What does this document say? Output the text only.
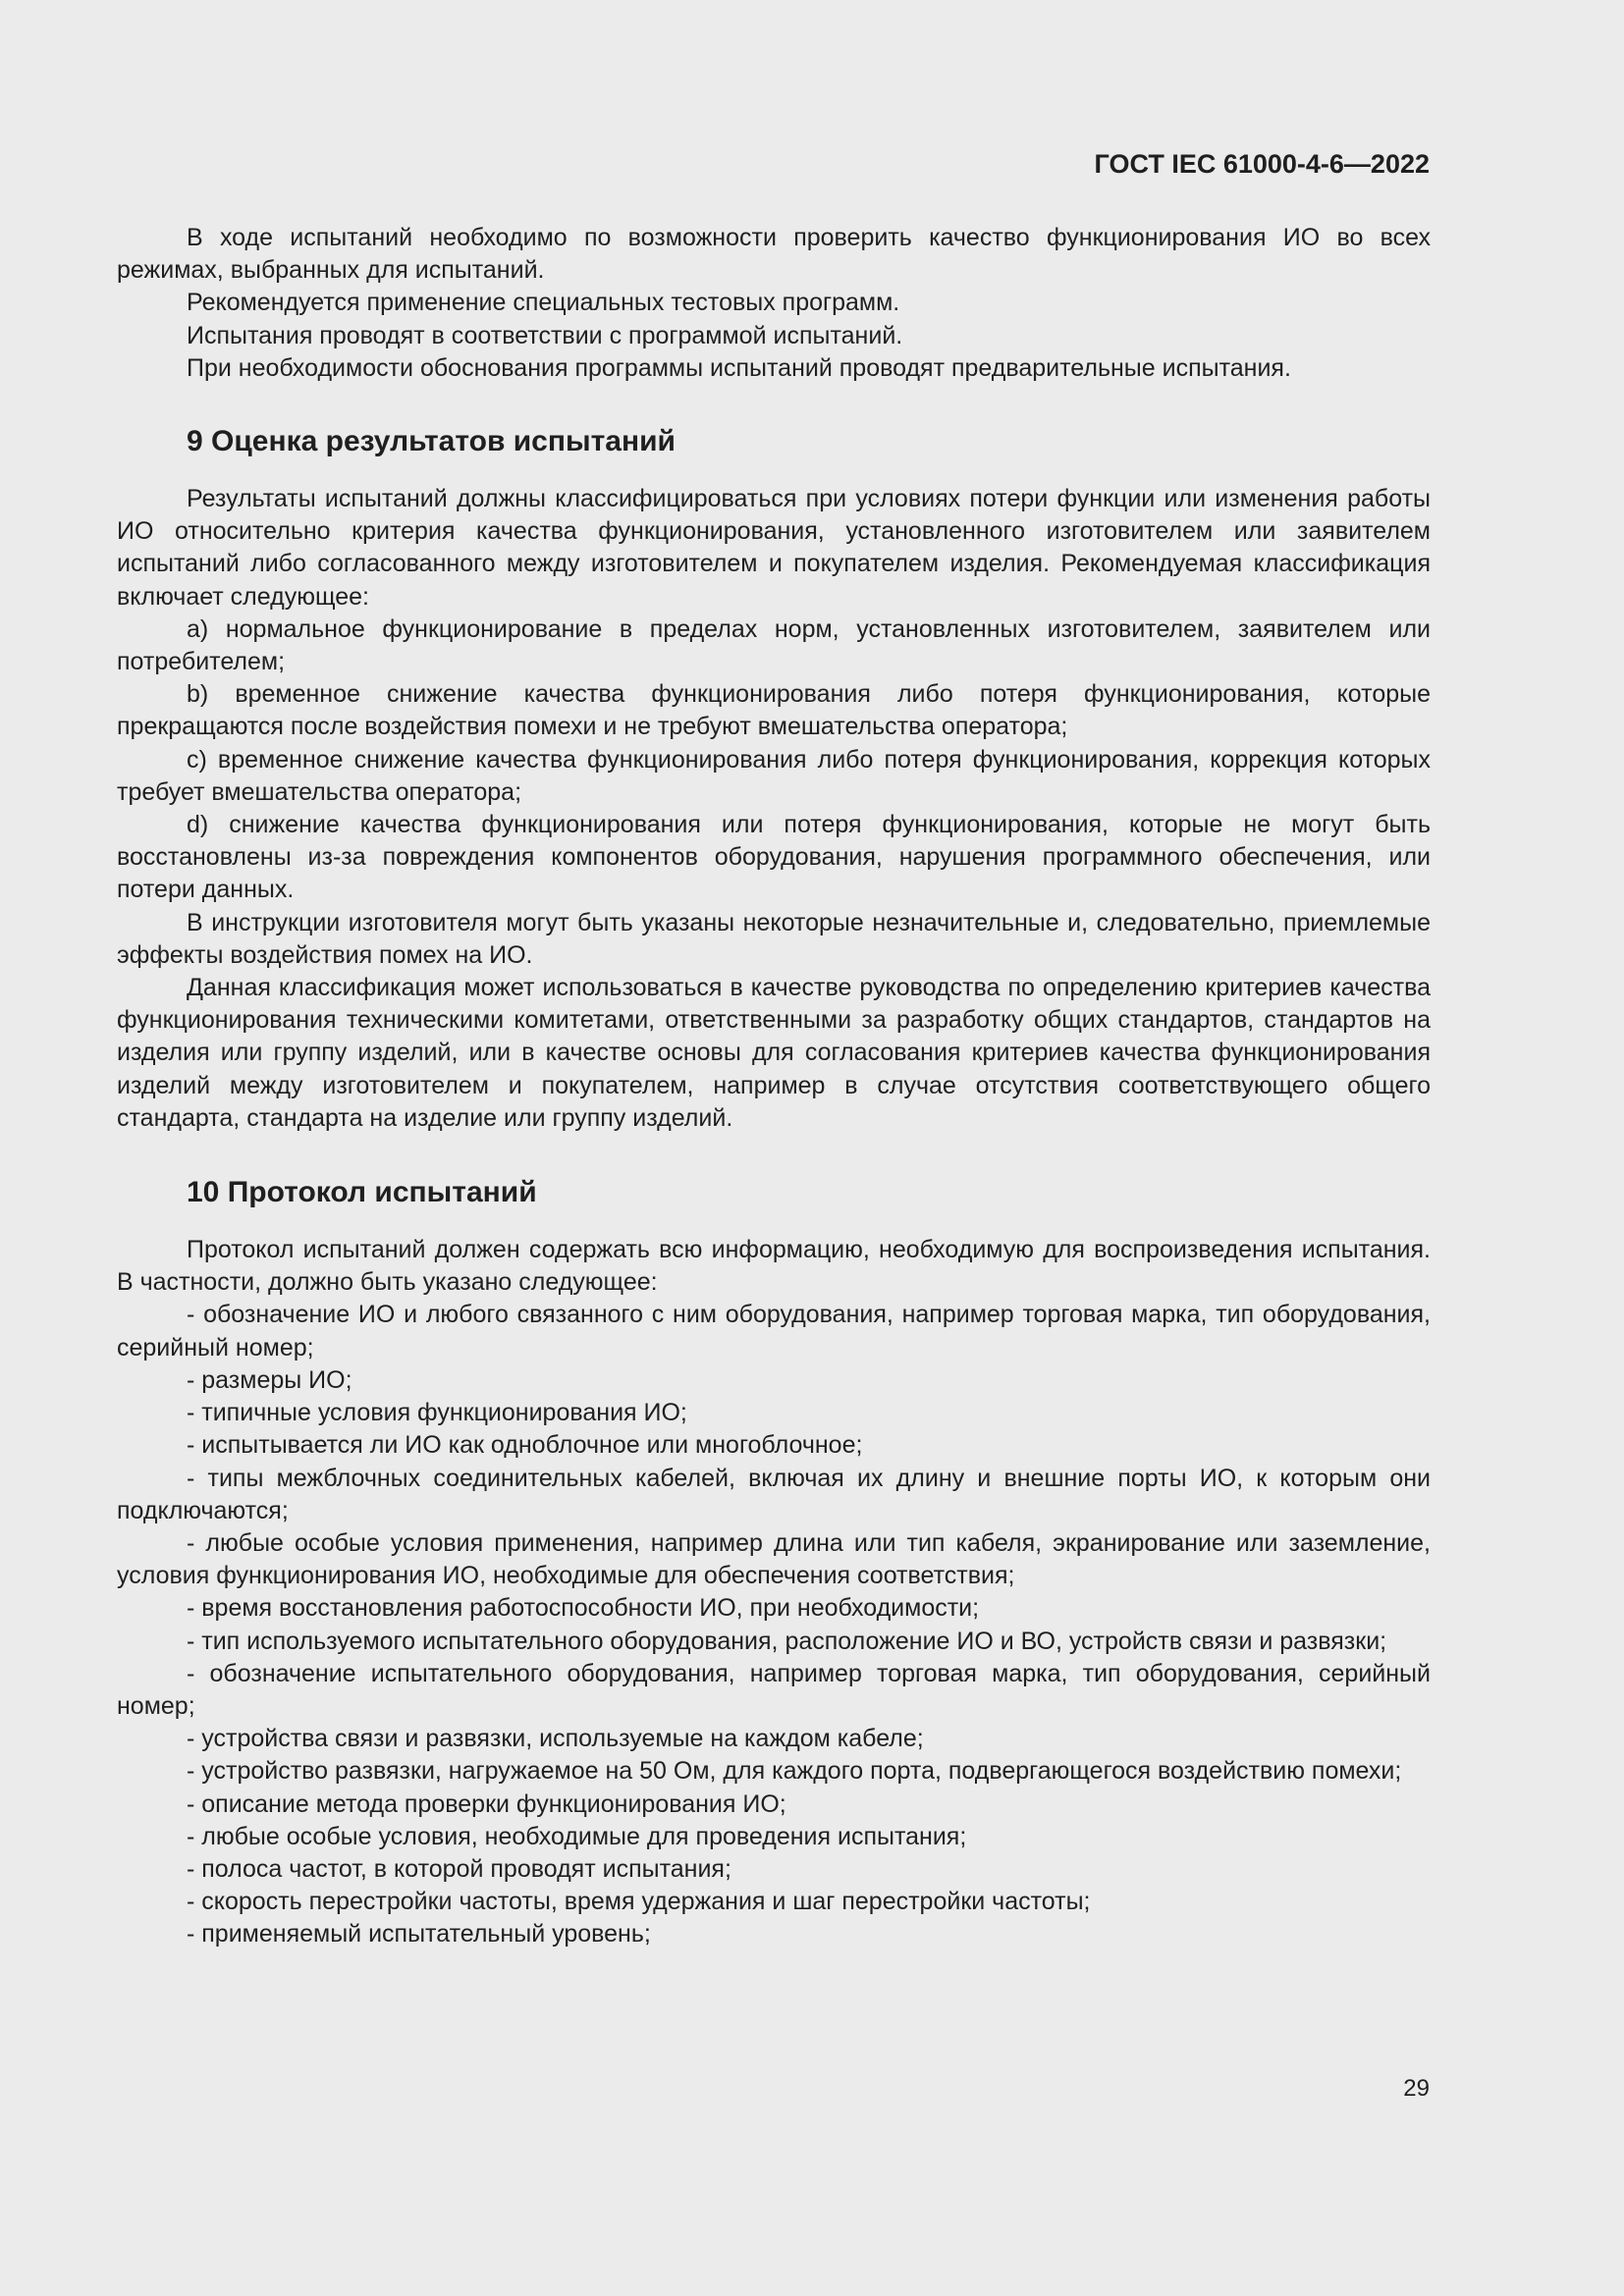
ГОСТ IEC 61000-4-6—2022

В ходе испытаний необходимо по возможности проверить качество функционирования ИО во всех режимах, выбранных для испытаний.

Рекомендуется применение специальных тестовых программ.

Испытания проводят в соответствии с программой испытаний.

При необходимости обоснования программы испытаний проводят предварительные испытания.

9 Оценка результатов испытаний

Результаты испытаний должны классифицироваться при условиях потери функции или изменения работы ИО относительно критерия качества функционирования, установленного изготовителем или заявителем испытаний либо согласованного между изготовителем и покупателем изделия. Рекомендуемая классификация включает следующее:

a) нормальное функционирование в пределах норм, установленных изготовителем, заявителем или потребителем;

b) временное снижение качества функционирования либо потеря функционирования, которые прекращаются после воздействия помехи и не требуют вмешательства оператора;

c) временное снижение качества функционирования либо потеря функционирования, коррекция которых требует вмешательства оператора;

d) снижение качества функционирования или потеря функционирования, которые не могут быть восстановлены из-за повреждения компонентов оборудования, нарушения программного обеспечения, или потери данных.

В инструкции изготовителя могут быть указаны некоторые незначительные и, следовательно, приемлемые эффекты воздействия помех на ИО.

Данная классификация может использоваться в качестве руководства по определению критериев качества функционирования техническими комитетами, ответственными за разработку общих стандартов, стандартов на изделия или группу изделий, или в качестве основы для согласования критериев качества функционирования изделий между изготовителем и покупателем, например в случае отсутствия соответствующего общего стандарта, стандарта на изделие или группу изделий.

10 Протокол испытаний

Протокол испытаний должен содержать всю информацию, необходимую для воспроизведения испытания. В частности, должно быть указано следующее:

- обозначение ИО и любого связанного с ним оборудования, например торговая марка, тип оборудования, серийный номер;

- размеры ИО;

- типичные условия функционирования ИО;

- испытывается ли ИО как одноблочное или многоблочное;

- типы межблочных соединительных кабелей, включая их длину и внешние порты ИО, к которым они подключаются;

- любые особые условия применения, например длина или тип кабеля, экранирование или заземление, условия функционирования ИО, необходимые для обеспечения соответствия;

- время восстановления работоспособности ИО, при необходимости;

- тип используемого испытательного оборудования, расположение ИО и ВО, устройств связи и развязки;

- обозначение испытательного оборудования, например торговая марка, тип оборудования, серийный номер;

- устройства связи и развязки, используемые на каждом кабеле;

- устройство развязки, нагружаемое на 50 Ом, для каждого порта, подвергающегося воздействию помехи;

- описание метода проверки функционирования ИО;

- любые особые условия, необходимые для проведения испытания;

- полоса частот, в которой проводят испытания;

- скорость перестройки частоты, время удержания и шаг перестройки частоты;

- применяемый испытательный уровень;

29
